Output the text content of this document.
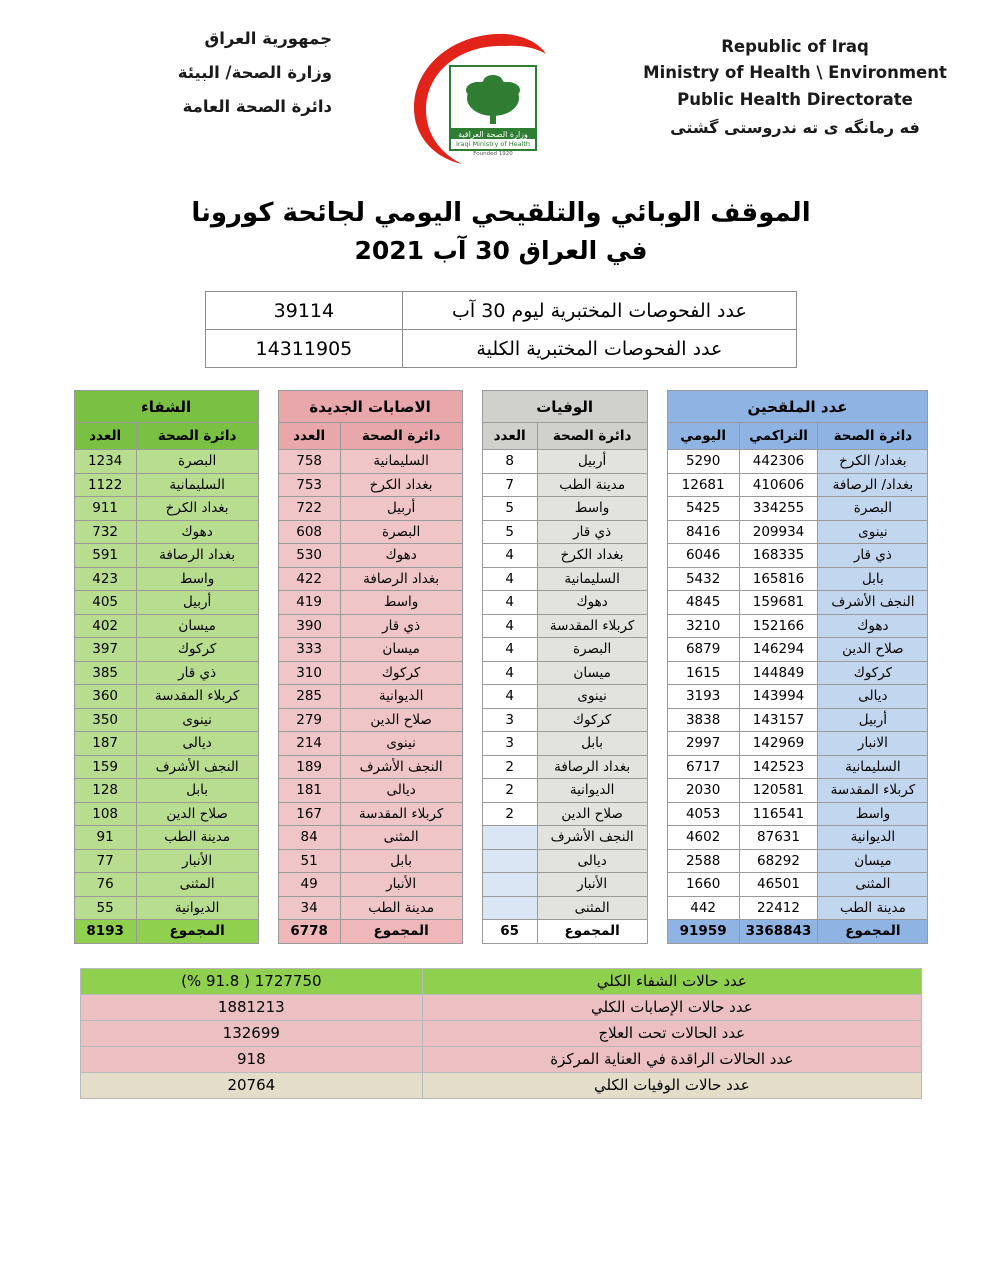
جمهورية العراق
وزارة الصحة/ البيئة
دائرة الصحة العامة
وزارة الصحة العراقية
Iraqi Ministry of Health
Founded 1920
Republic of Iraq
Ministry of Health \ Environment
Public Health Directorate
فه رمانگه ى ته ندروستى گشتى
الموقف الوبائي والتلقيحي اليومي لجائحة كورونا
في العراق 30 آب 2021
عدد الفحوصات المختبرية ليوم 30 آب	39114
عدد الفحوصات المختبرية الكلية	14311905
الشفاء	
دائرة الصحة	العدد
البصرة	1234
السليمانية	1122
بغداد الكرخ	911
دهوك	732
بغداد الرصافة	591
واسط	423
أربيل	405
ميسان	402
كركوك	397
ذي قار	385
كربلاء المقدسة	360
نينوى	350
ديالى	187
النجف الأشرف	159
بابل	128
صلاح الدين	108
مدينة الطب	91
الأنبار	77
المثنى	76
الديوانية	55
المجموع	8193
الاصابات الجديدة	
دائرة الصحة	العدد
السليمانية	758
بغداد الكرخ	753
أربيل	722
البصرة	608
دهوك	530
بغداد الرصافة	422
واسط	419
ذي قار	390
ميسان	333
كركوك	310
الديوانية	285
صلاح الدين	279
نينوى	214
النجف الأشرف	189
ديالى	181
كربلاء المقدسة	167
المثنى	84
بابل	51
الأنبار	49
مدينة الطب	34
المجموع	6778
الوفيات	
دائرة الصحة	العدد
أربيل	8
مدينة الطب	7
واسط	5
ذي قار	5
بغداد الكرخ	4
السليمانية	4
دهوك	4
كربلاء المقدسة	4
البصرة	4
ميسان	4
نينوى	4
كركوك	3
بابل	3
بغداد الرصافة	2
الديوانية	2
صلاح الدين	2
النجف الأشرف	
ديالى	
الأنبار	
المثنى	
المجموع	65
عدد الملقحين		
دائرة الصحة	التراكمي	اليومي
بغداد/ الكرخ	442306	5290
بغداد/ الرصافة	410606	12681
البصرة	334255	5425
نينوى	209934	8416
ذي قار	168335	6046
بابل	165816	5432
النجف الأشرف	159681	4845
دهوك	152166	3210
صلاح الدين	146294	6879
كركوك	144849	1615
ديالى	143994	3193
أربيل	143157	3838
الانبار	142969	2997
السليمانية	142523	6717
كربلاء المقدسة	120581	2030
واسط	116541	4053
الديوانية	87631	4602
ميسان	68292	2588
المثنى	46501	1660
مدينة الطب	22412	442
المجموع	3368843	91959
عدد حالات الشفاء الكلي	1727750 ( 91.8 %)
عدد حالات الإصابات الكلي	1881213
عدد الحالات تحت العلاج	132699
عدد الحالات الراقدة في العناية المركزة	918
عدد حالات الوفيات الكلي	20764
